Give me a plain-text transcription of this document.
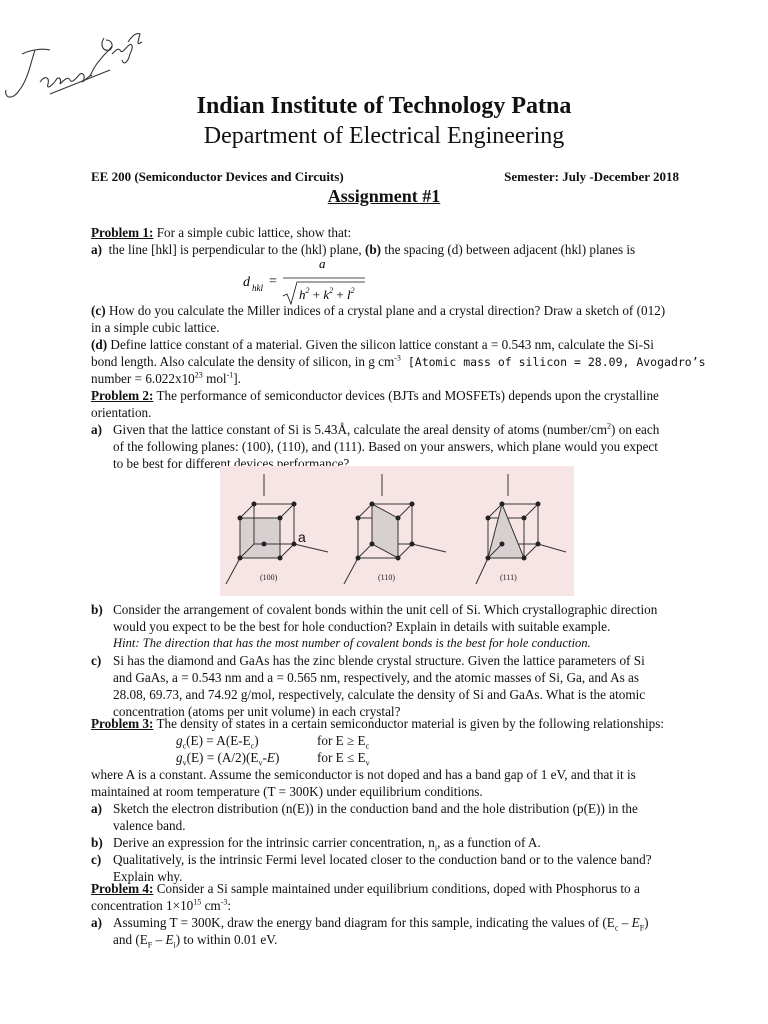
Indian Institute of Technology Patna
Department of Electrical Engineering
EE 200 (Semiconductor Devices and Circuits)	Semester: July -December 2018
Assignment #1
Problem 1: For a simple cubic lattice, show that:
a) the line [hkl] is perpendicular to the (hkl) plane, (b) the spacing (d) between adjacent (hkl) planes is
d hkl =
a
$h^2 + k^2 + l^2$
(c) How do you calculate the Miller indices of a crystal plane and a crystal direction? Draw a sketch of (012)
in a simple cubic lattice.
(d) Define lattice constant of a material. Given the silicon lattice constant a = 0.543 nm, calculate the Si-Si
bond length. Also calculate the density of silicon, in g $cm^{-3}$ [Atomic mass of silicon = 28.09, Avogadro’s
number = $6.022x10^{23}$ mol$^{-1}$].
Problem 2: The performance of semiconductor devices (BJTs and MOSFETs) depends upon the crystalline
orientation.
a) Given that the lattice constant of Si is 5.43Å, calculate the areal density of atoms $(number/cm^2)$ on each
of the following planes: (100), (110), and (111). Based on your answers, which plane would you expect
to be best for different devices performance?
a
(100)	(110)	(111)
b) Consider the arrangement of covalent bonds within the unit cell of Si. Which crystallographic direction
would you expect to be the best for hole conduction? Explain in details with suitable example.
Hint: The direction that has the most number of covalent bonds is the best for hole conduction.
c) Si has the diamond and GaAs has the zinc blende crystal structure. Given the lattice parameters of Si
and GaAs, a = 0.543 nm and a = 0.565 nm, respectively, and the atomic masses of Si, Ga, and As as
28.08, 69.73, and 74.92 g/mol, respectively, calculate the density of Si and GaAs. What is the atomic
concentration (atoms per unit volume) in each crystal?
Problem 3: The density of states in a certain semiconductor material is given by the following relationships:
$g_c(E) = A(E-E_c)$	for $E \ge E_c$
$g_v(E) = (A/2)(E_v-E)$	for $E \le E_v$
where A is a constant. Assume the semiconductor is not doped and has a band gap of 1 eV, and that it is
maintained at room temperature (T = 300K) under equilibrium conditions.
a) Sketch the electron distribution (n(E)) in the conduction band and the hole distribution (p(E)) in the
valence band.
b) Derive an expression for the intrinsic carrier concentration, $n_i$, as a function of A.
c) Qualitatively, is the intrinsic Fermi level located closer to the conduction band or to the valence band?
Explain why.
Problem 4: Consider a Si sample maintained under equilibrium conditions, doped with Phosphorus to a
concentration $1\times 10^{15}$ $cm^{-3}$:
a) Assuming T = 300K, draw the energy band diagram for this sample, indicating the values of $(E_c - E_F)$
and $(E_F - E_i)$ to within 0.01 eV.
